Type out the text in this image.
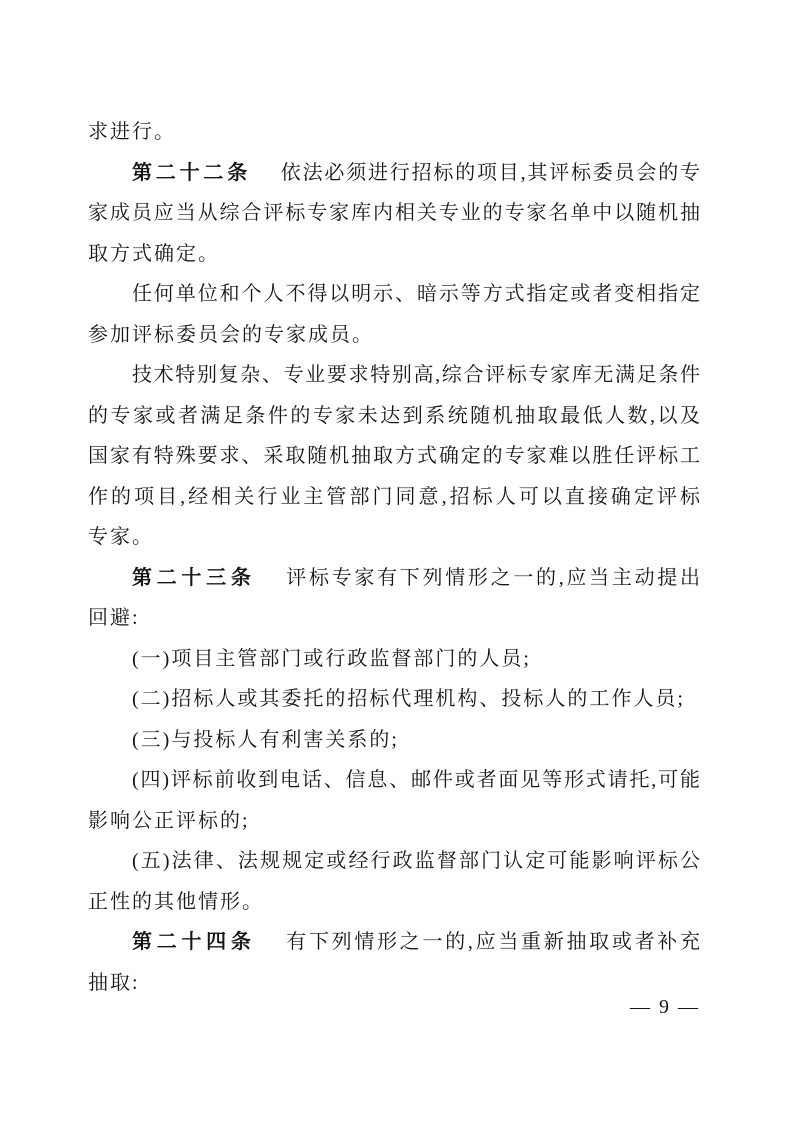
求进行。
第二十二条 依法必须进行招标的项目,其评标委员会的专
家成员应当从综合评标专家库内相关专业的专家名单中以随机抽
取方式确定。
任何单位和个人不得以明示、暗示等方式指定或者变相指定
参加评标委员会的专家成员。
技术特别复杂、专业要求特别高,综合评标专家库无满足条件
的专家或者满足条件的专家未达到系统随机抽取最低人数,以及
国家有特殊要求、采取随机抽取方式确定的专家难以胜任评标工
作的项目,经相关行业主管部门同意,招标人可以直接确定评标
专家。
第二十三条 评标专家有下列情形之一的,应当主动提出
回避:
(一)项目主管部门或行政监督部门的人员;
(二)招标人或其委托的招标代理机构、投标人的工作人员;
(三)与投标人有利害关系的;
(四)评标前收到电话、信息、邮件或者面见等形式请托,可能
影响公正评标的;
(五)法律、法规规定或经行政监督部门认定可能影响评标公
正性的其他情形。
第二十四条 有下列情形之一的,应当重新抽取或者补充
抽取:
— 9 —
